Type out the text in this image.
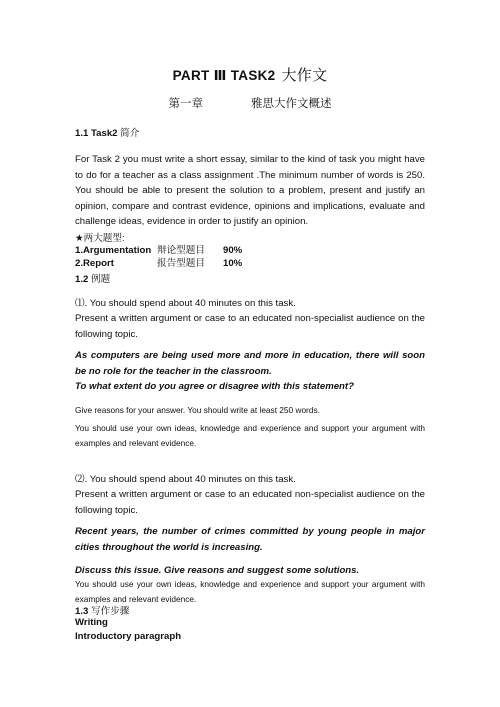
PART Ⅲ TASK2 大作文
第一章	雅思大作文概述
1.1 Task2 简介
For Task 2 you must write a short essay, similar to the kind of task you might have to do for a teacher as a class assignment .The minimum number of words is 250. You should be able to present the solution to a problem, present and justify an opinion, compare and contrast evidence, opinions and implications, evaluate and challenge ideas, evidence in order to justify an opinion.
★两大题型:
1.Argumentation 辩论型题目	90%
2.Report	报告型题目	10%
1.2 例题
⑴. You should spend about 40 minutes on this task.
Present a written argument or case to an educated non-specialist audience on the following topic.
As computers are being used more and more in education, there will soon be no role for the teacher in the classroom.
To what extent do you agree or disagree with this statement?
Give reasons for your answer. You should write at least 250 words.
You should use your own ideas, knowledge and experience and support your argument with examples and relevant evidence.
⑵. You should spend about 40 minutes on this task.
Present a written argument or case to an educated non-specialist audience on the following topic.
Recent years, the number of crimes committed by young people in major cities throughout the world is increasing.
Discuss this issue. Give reasons and suggest some solutions.
You should use your own ideas, knowledge and experience and support your argument with examples and relevant evidence.
1.3 写作步骤
Writing
Introductory paragraph
